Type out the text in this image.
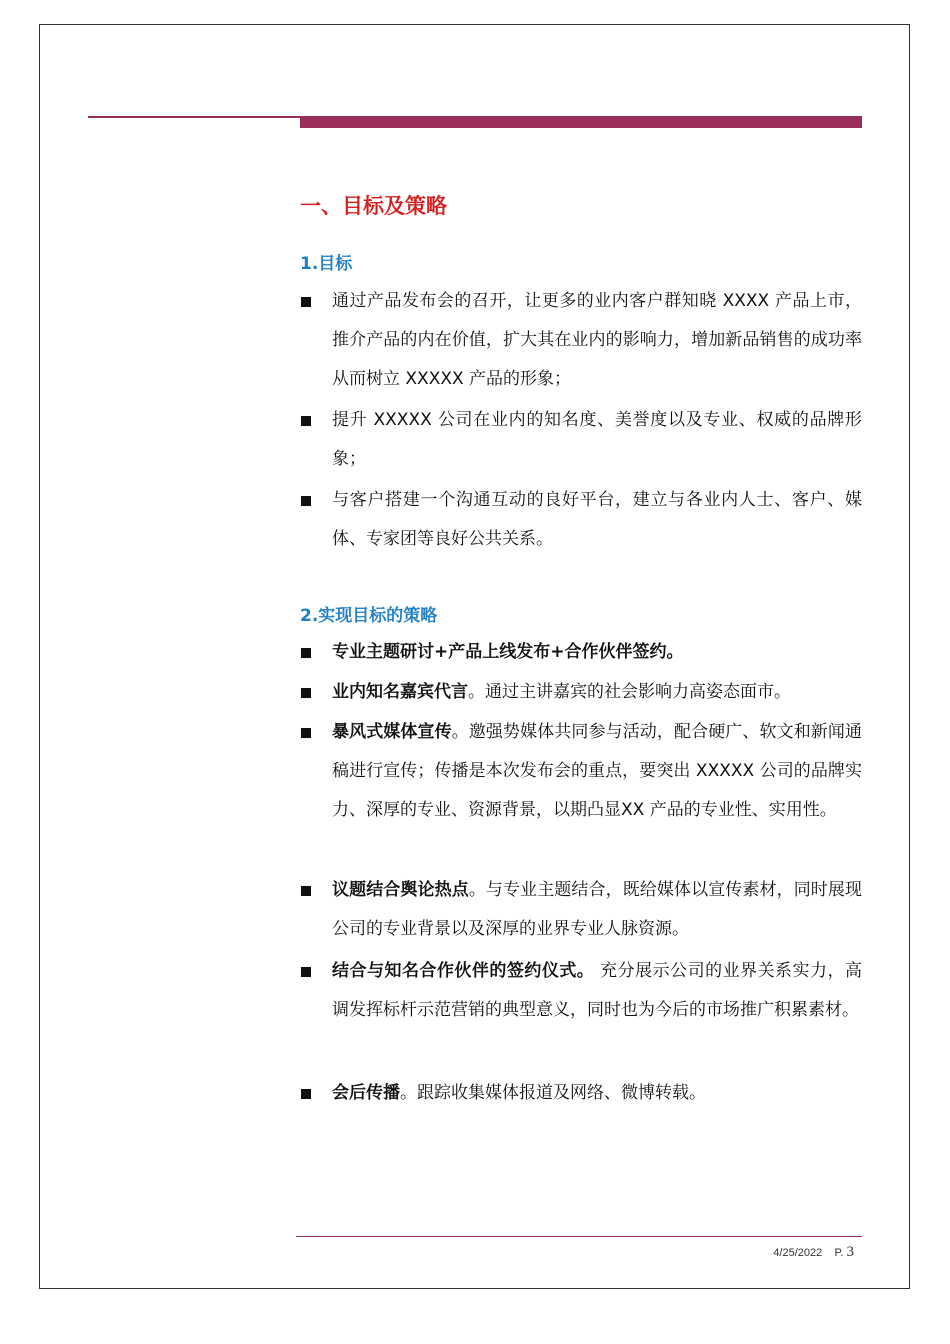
一、目标及策略
1.目标
通过产品发布会的召开，让更多的业内客户群知晓 XXXX 产品上市，推介产品的内在价值，扩大其在业内的影响力，增加新品销售的成功率从而树立 XXXXX 产品的形象；
提升 XXXXX 公司在业内的知名度、美誉度以及专业、权威的品牌形象；
与客户搭建一个沟通互动的良好平台，建立与各业内人士、客户、媒体、专家团等良好公共关系。
2.实现目标的策略
专业主题研讨+产品上线发布+合作伙伴签约。
业内知名嘉宾代言。通过主讲嘉宾的社会影响力高姿态面市。
暴风式媒体宣传。邀强势媒体共同参与活动，配合硬广、软文和新闻通稿进行宣传；传播是本次发布会的重点，要突出 XXXXX 公司的品牌实力、深厚的专业、资源背景，以期凸显XX 产品的专业性、实用性。
议题结合舆论热点。与专业主题结合，既给媒体以宣传素材，同时展现公司的专业背景以及深厚的业界专业人脉资源。
结合与知名合作伙伴的签约仪式。 充分展示公司的业界关系实力，高调发挥标杆示范营销的典型意义，同时也为今后的市场推广积累素材。
会后传播。跟踪收集媒体报道及网络、微博转载。
4/25/2022 P. 3
